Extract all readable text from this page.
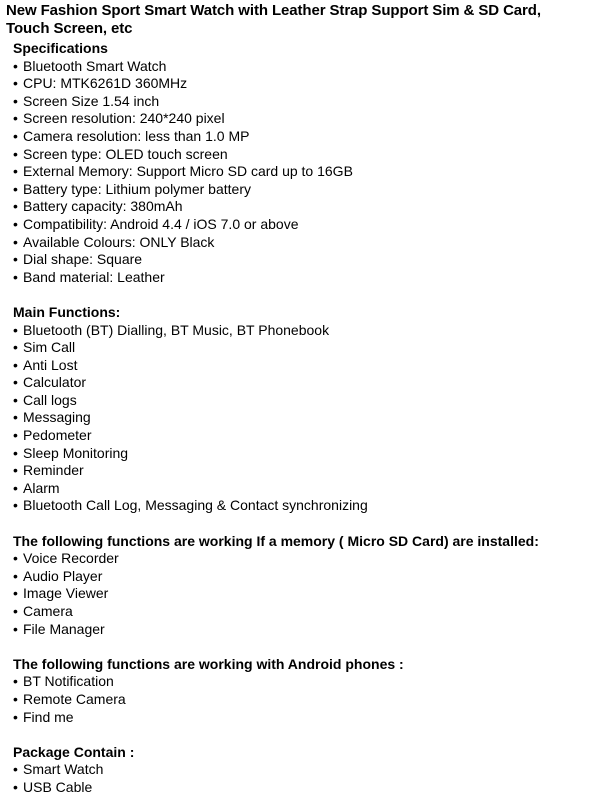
New Fashion Sport Smart Watch with Leather Strap Support Sim & SD Card, Touch Screen, etc
Specifications
• Bluetooth Smart Watch
• CPU: MTK6261D 360MHz
• Screen Size 1.54 inch
• Screen resolution: 240*240 pixel
• Camera resolution: less than 1.0 MP
• Screen type: OLED touch screen
• External Memory: Support Micro SD card up to 16GB
• Battery type: Lithium polymer battery
• Battery capacity: 380mAh
• Compatibility: Android 4.4 / iOS 7.0 or above
• Available Colours: ONLY Black
• Dial shape: Square
• Band material: Leather
Main Functions:
• Bluetooth (BT) Dialling, BT Music, BT Phonebook
• Sim Call
• Anti Lost
• Calculator
• Call logs
• Messaging
• Pedometer
• Sleep Monitoring
• Reminder
• Alarm
• Bluetooth Call Log, Messaging & Contact synchronizing
The following functions are working If a memory ( Micro SD Card) are installed:
• Voice Recorder
• Audio Player
• Image Viewer
• Camera
• File Manager
The following functions are working with Android phones :
• BT Notification
• Remote Camera
• Find me
Package Contain :
• Smart Watch
• USB Cable
